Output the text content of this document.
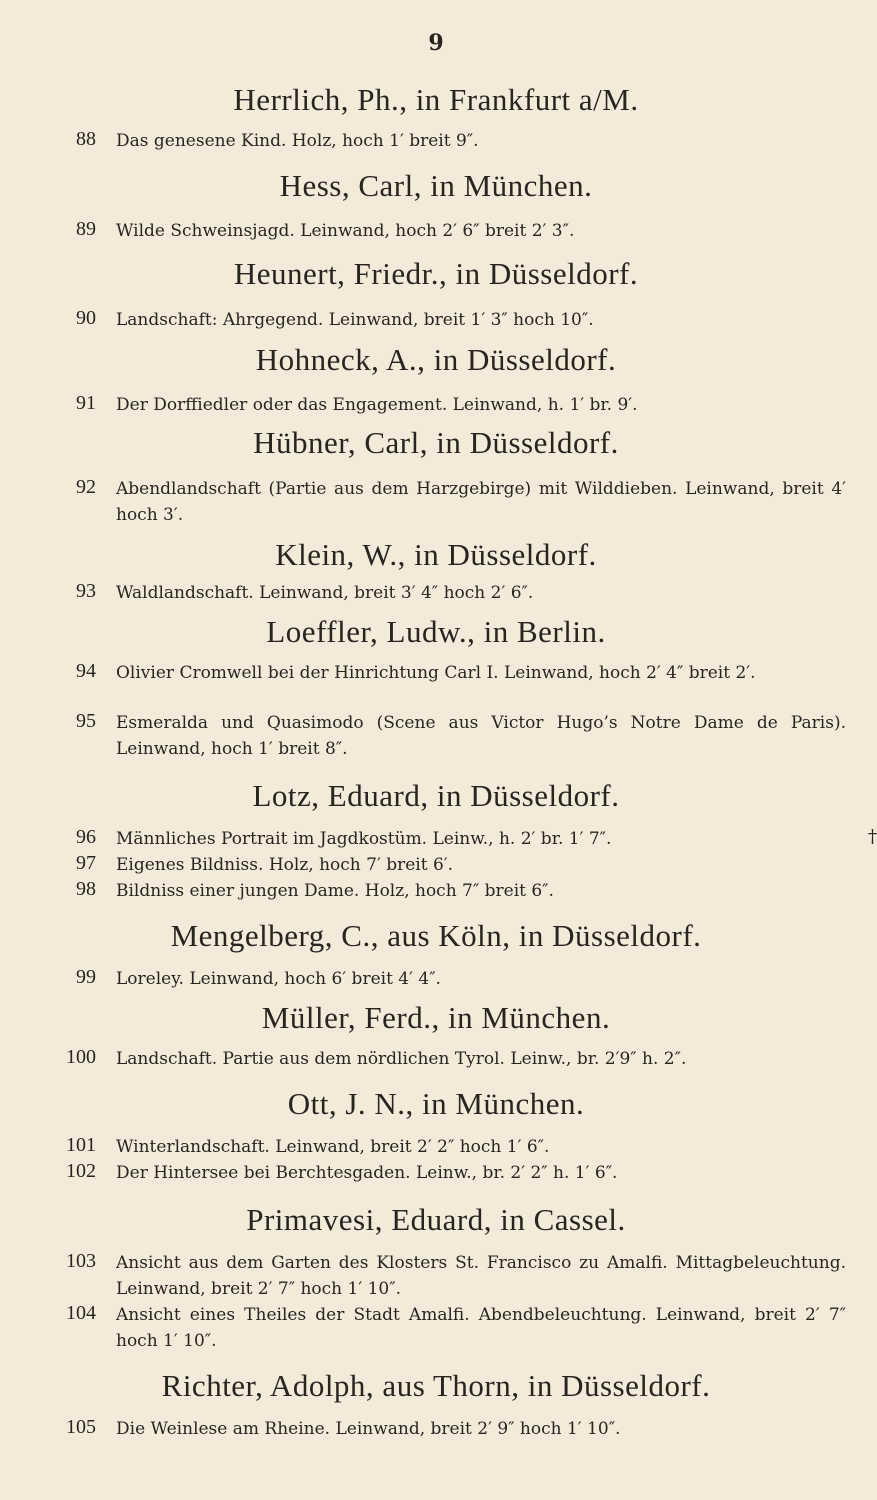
9
Herrlich, Ph., in Frankfurt a/M.
88 Das genesene Kind. Holz, hoch 1′ breit 9″.
Hess, Carl, in München.
89 Wilde Schweinsjagd. Leinwand, hoch 2′ 6″ breit 2′ 3″.
Heunert, Friedr., in Düsseldorf.
90 Landschaft: Ahrgegend. Leinwand, breit 1′ 3″ hoch 10″.
Hohneck, A., in Düsseldorf.
91 Der Dorffiedler oder das Engagement. Leinwand, h. 1′ br. 9′.
Hübner, Carl, in Düsseldorf.
92 Abendlandschaft (Partie aus dem Harzgebirge) mit Wilddieben. Leinwand, breit 4′ hoch 3′.
Klein, W., in Düsseldorf.
93 Waldlandschaft. Leinwand, breit 3′ 4″ hoch 2′ 6″.
Loeffler, Ludw., in Berlin.
94 Olivier Cromwell bei der Hinrichtung Carl I. Leinwand, hoch 2′ 4″ breit 2′.
95 Esmeralda und Quasimodo (Scene aus Victor Hugo’s Notre Dame de Paris). Leinwand, hoch 1′ breit 8″.
Lotz, Eduard, in Düsseldorf.
96 Männliches Portrait im Jagdkostüm. Leinw., h. 2′ br. 1′ 7″.	†
97 Eigenes Bildniss. Holz, hoch 7′ breit 6′.
98 Bildniss einer jungen Dame. Holz, hoch 7″ breit 6″.
Mengelberg, C., aus Köln, in Düsseldorf.
99 Loreley. Leinwand, hoch 6′ breit 4′ 4″.
Müller, Ferd., in München.
100 Landschaft. Partie aus dem nördlichen Tyrol. Leinw., br. 2′9″ h. 2″.
Ott, J. N., in München.
101 Winterlandschaft. Leinwand, breit 2′ 2″ hoch 1′ 6″.
102 Der Hintersee bei Berchtesgaden. Leinw., br. 2′ 2″ h. 1′ 6″.
Primavesi, Eduard, in Cassel.
103 Ansicht aus dem Garten des Klosters St. Francisco zu Amalfi. Mittagbeleuchtung. Leinwand, breit 2′ 7″ hoch 1′ 10″.
104 Ansicht eines Theiles der Stadt Amalfi. Abendbeleuchtung. Leinwand, breit 2′ 7″ hoch 1′ 10″.
Richter, Adolph, aus Thorn, in Düsseldorf.
105 Die Weinlese am Rheine. Leinwand, breit 2′ 9″ hoch 1′ 10″.
